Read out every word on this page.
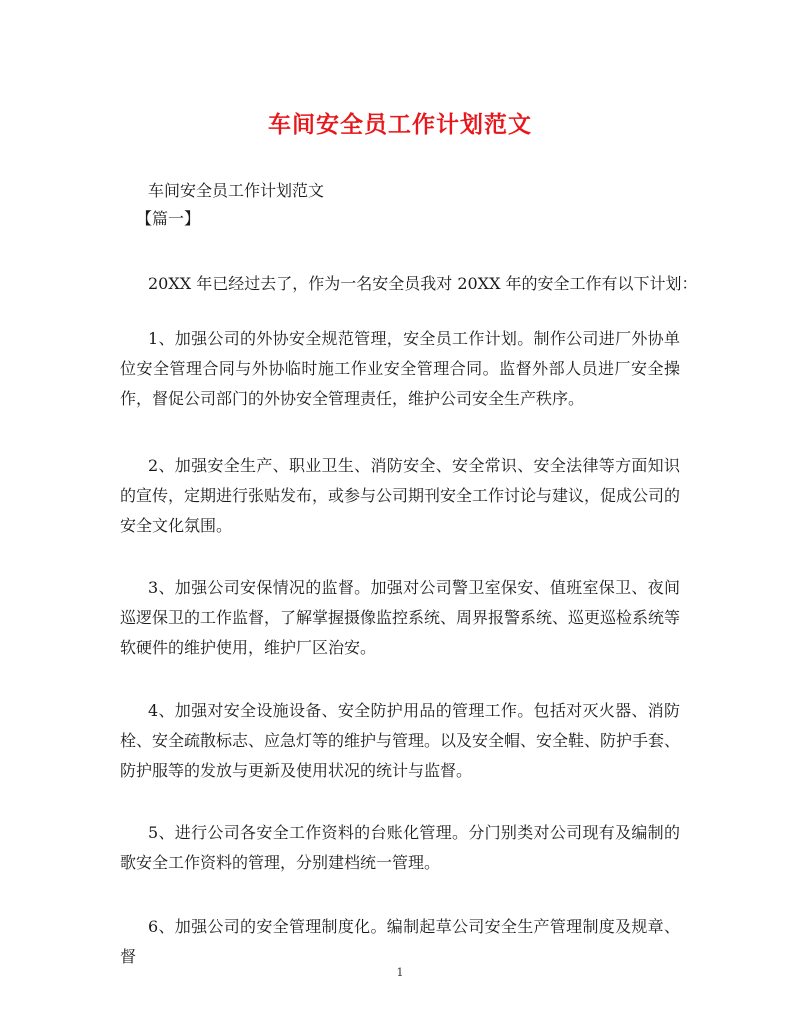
车间安全员工作计划范文
车间安全员工作计划范文
【篇一】
20XX 年已经过去了，作为一名安全员我对 20XX 年的安全工作有以下计划：
1、加强公司的外协安全规范管理，安全员工作计划。制作公司进厂外协单位安全管理合同与外协临时施工作业安全管理合同。监督外部人员进厂安全操作，督促公司部门的外协安全管理责任，维护公司安全生产秩序。
2、加强安全生产、职业卫生、消防安全、安全常识、安全法律等方面知识的宣传，定期进行张贴发布，或参与公司期刊安全工作讨论与建议，促成公司的安全文化氛围。
3、加强公司安保情况的监督。加强对公司警卫室保安、值班室保卫、夜间巡逻保卫的工作监督，了解掌握摄像监控系统、周界报警系统、巡更巡检系统等软硬件的维护使用，维护厂区治安。
4、加强对安全设施设备、安全防护用品的管理工作。包括对灭火器、消防栓、安全疏散标志、应急灯等的维护与管理。以及安全帽、安全鞋、防护手套、防护服等的发放与更新及使用状况的统计与监督。
5、进行公司各安全工作资料的台账化管理。分门别类对公司现有及编制的歌安全工作资料的管理，分别建档统一管理。
6、加强公司的安全管理制度化。编制起草公司安全生产管理制度及规章、督
1
